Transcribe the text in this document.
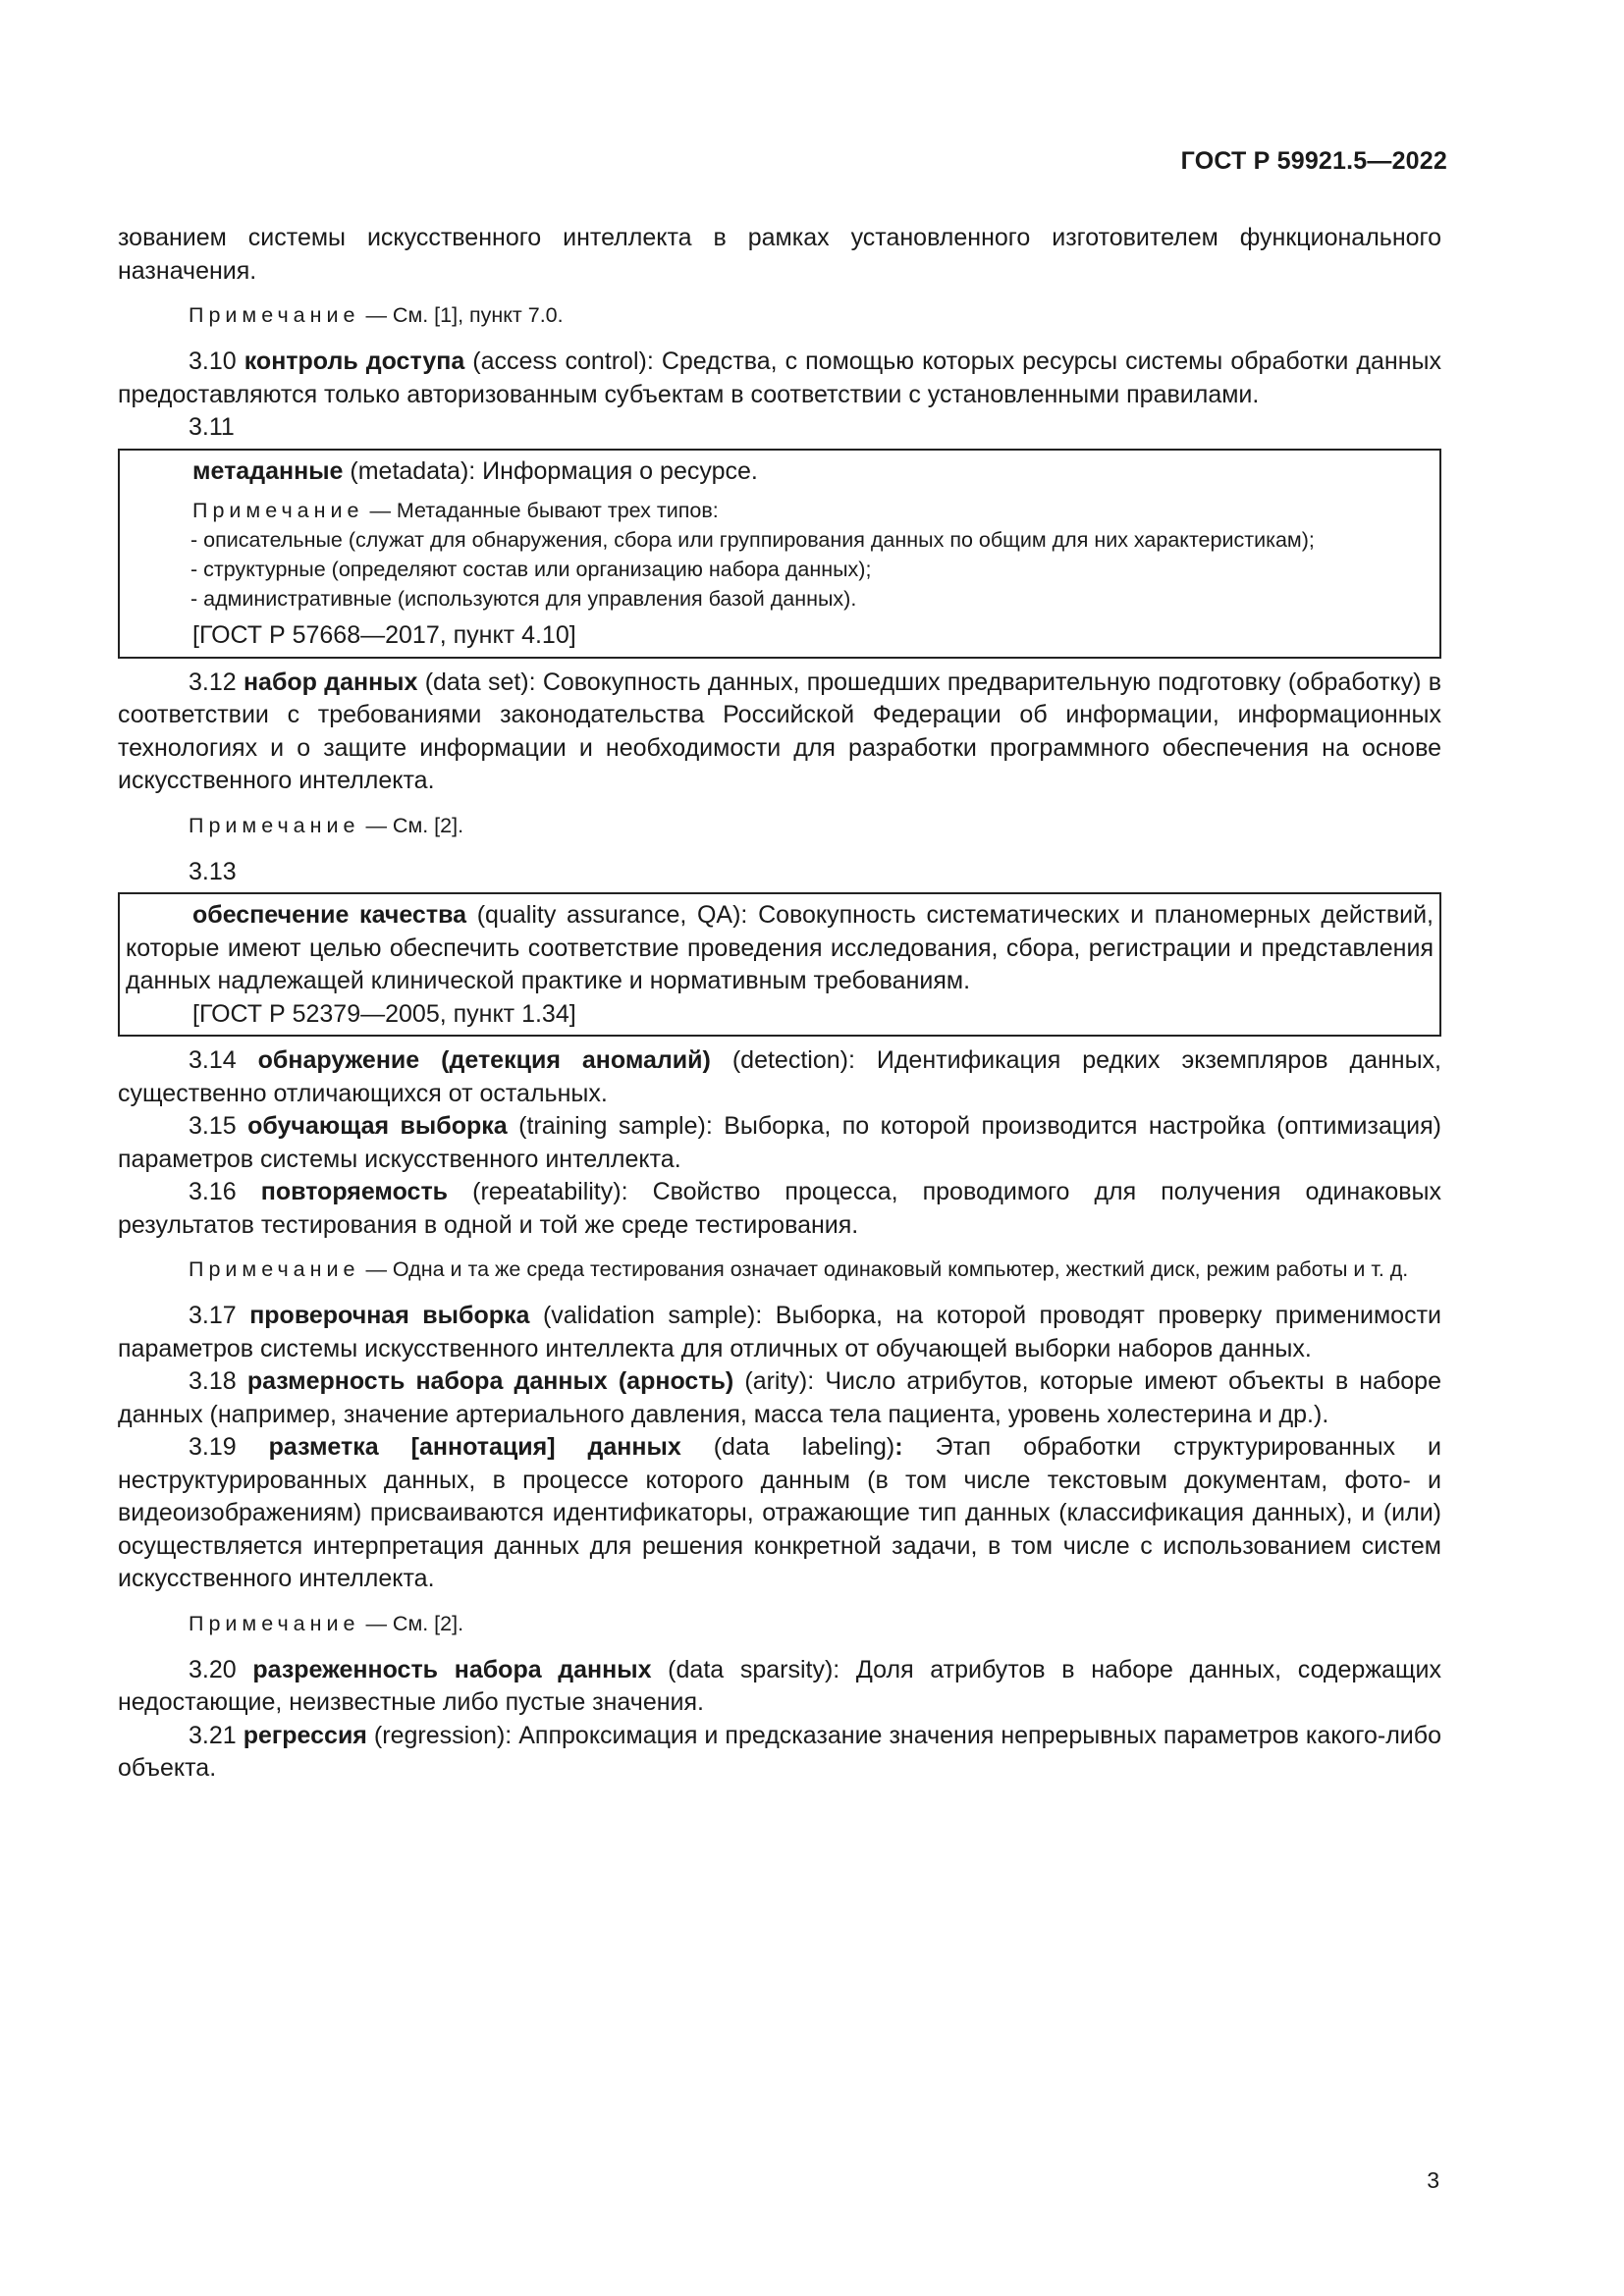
ГОСТ Р 59921.5—2022

зованием системы искусственного интеллекта в рамках установленного изготовителем функционального назначения.

Примечание — См. [1], пункт 7.0.

3.10 контроль доступа (access control): Средства, с помощью которых ресурсы системы обработки данных предоставляются только авторизованным субъектам в соответствии с установленными правилами.

3.11

метаданные (metadata): Информация о ресурсе.

Примечание — Метаданные бывают трех типов:

- описательные (служат для обнаружения, сбора или группирования данных по общим для них характеристикам);
- структурные (определяют состав или организацию набора данных);
- административные (используются для управления базой данных).

[ГОСТ Р 57668—2017, пункт 4.10]

3.12 набор данных (data set): Совокупность данных, прошедших предварительную подготовку (обработку) в соответствии с требованиями законодательства Российской Федерации об информации, информационных технологиях и о защите информации и необходимости для разработки программного обеспечения на основе искусственного интеллекта.

Примечание — См. [2].

3.13

обеспечение качества (quality assurance, QA): Совокупность систематических и планомерных действий, которые имеют целью обеспечить соответствие проведения исследования, сбора, регистрации и представления данных надлежащей клинической практике и нормативным требованиям.

[ГОСТ Р 52379—2005, пункт 1.34]

3.14 обнаружение (детекция аномалий) (detection): Идентификация редких экземпляров данных, существенно отличающихся от остальных.

3.15 обучающая выборка (training sample): Выборка, по которой производится настройка (оптимизация) параметров системы искусственного интеллекта.

3.16 повторяемость (repeatability): Свойство процесса, проводимого для получения одинаковых результатов тестирования в одной и той же среде тестирования.

Примечание — Одна и та же среда тестирования означает одинаковый компьютер, жесткий диск, режим работы и т. д.

3.17 проверочная выборка (validation sample): Выборка, на которой проводят проверку применимости параметров системы искусственного интеллекта для отличных от обучающей выборки наборов данных.

3.18 размерность набора данных (арность) (arity): Число атрибутов, которые имеют объекты в наборе данных (например, значение артериального давления, масса тела пациента, уровень холестерина и др.).

3.19 разметка [аннотация] данных (data labeling): Этап обработки структурированных и неструктурированных данных, в процессе которого данным (в том числе текстовым документам, фото- и видеоизображениям) присваиваются идентификаторы, отражающие тип данных (классификация данных), и (или) осуществляется интерпретация данных для решения конкретной задачи, в том числе с использованием систем искусственного интеллекта.

Примечание — См. [2].

3.20 разреженность набора данных (data sparsity): Доля атрибутов в наборе данных, содержащих недостающие, неизвестные либо пустые значения.

3.21 регрессия (regression): Аппроксимация и предсказание значения непрерывных параметров какого-либо объекта.

3
